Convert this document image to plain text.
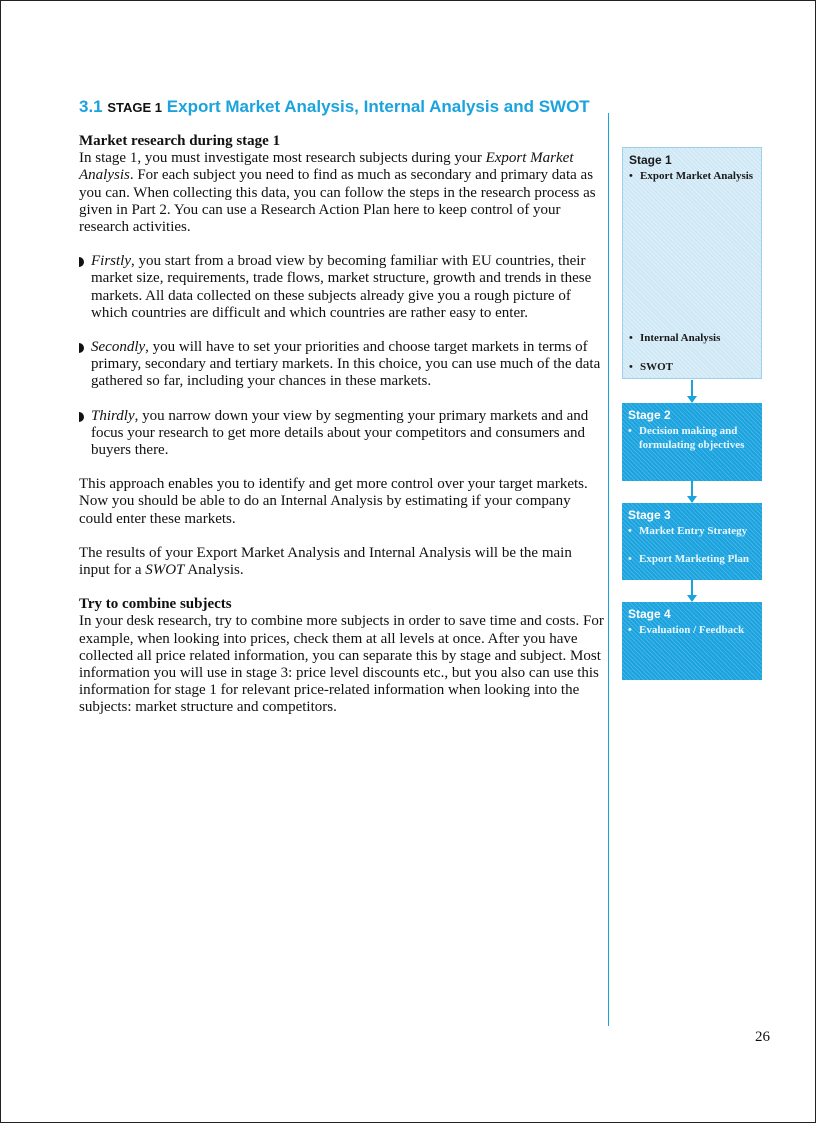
3.1 STAGE 1 Export Market Analysis, Internal Analysis and SWOT
Market research during stage 1

In stage 1, you must investigate most research subjects during your Export Market Analysis. For each subject you need to find as much as secondary and primary data as you can. When collecting this data, you can follow the steps in the research process as given in Part 2. You can use a Research Action Plan here to keep control of your research activities.

Firstly, you start from a broad view by becoming familiar with EU countries, their market size, requirements, trade flows, market structure, growth and trends in these markets. All data collected on these subjects already give you a rough picture of which countries are difficult and which countries are rather easy to enter.
Secondly, you will have to set your priorities and choose target markets in terms of primary, secondary and tertiary markets. In this choice, you can use much of the data gathered so far, including your chances in these markets.
Thirdly, you narrow down your view by segmenting your primary markets and and focus your research to get more details about your competitors and consumers and buyers there.

This approach enables you to identify and get more control over your target markets. Now you should be able to do an Internal Analysis by estimating if your company could enter these markets.

The results of your Export Market Analysis and Internal Analysis will be the main input for a SWOT Analysis.

Try to combine subjects

In your desk research, try to combine more subjects in order to save time and costs. For example, when looking into prices, check them at all levels at once. After you have collected all price related information, you can separate this by stage and subject. Most information you will use in stage 3: price level discounts etc., but you also can use this information for stage 1 for relevant price-related information when looking into the subjects: market structure and competitors.

Stage 1
• Export Market Analysis
• Internal Analysis
• SWOT
Stage 2
• Decision making and formulating objectives
Stage 3
• Market Entry Strategy
• Export Marketing Plan
Stage 4
• Evaluation / Feedback
26
